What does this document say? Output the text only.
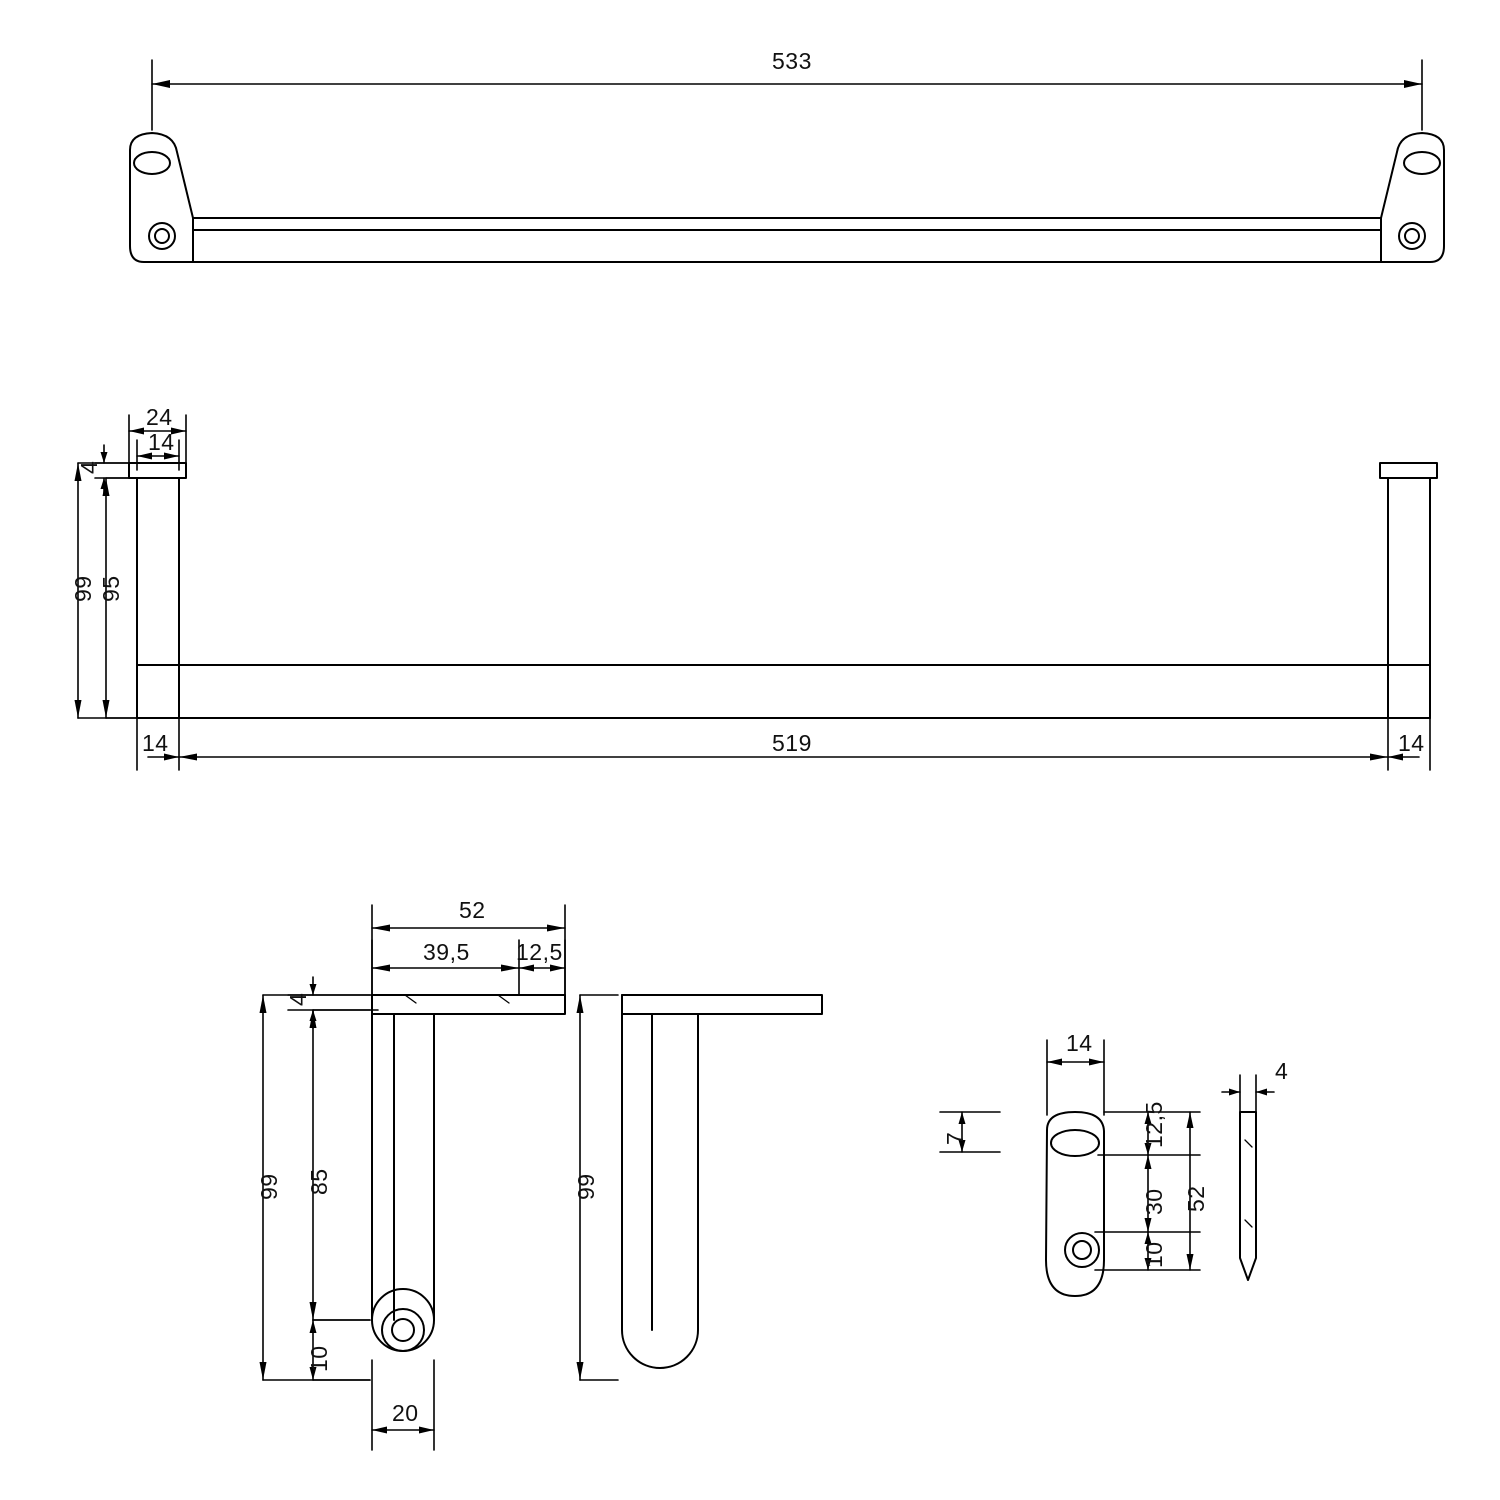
533
24
14
4
99 95
14	519	14
52
39,5 12,5
4
99 85
10
20
99
14
4
7	12,5
30
10
52
